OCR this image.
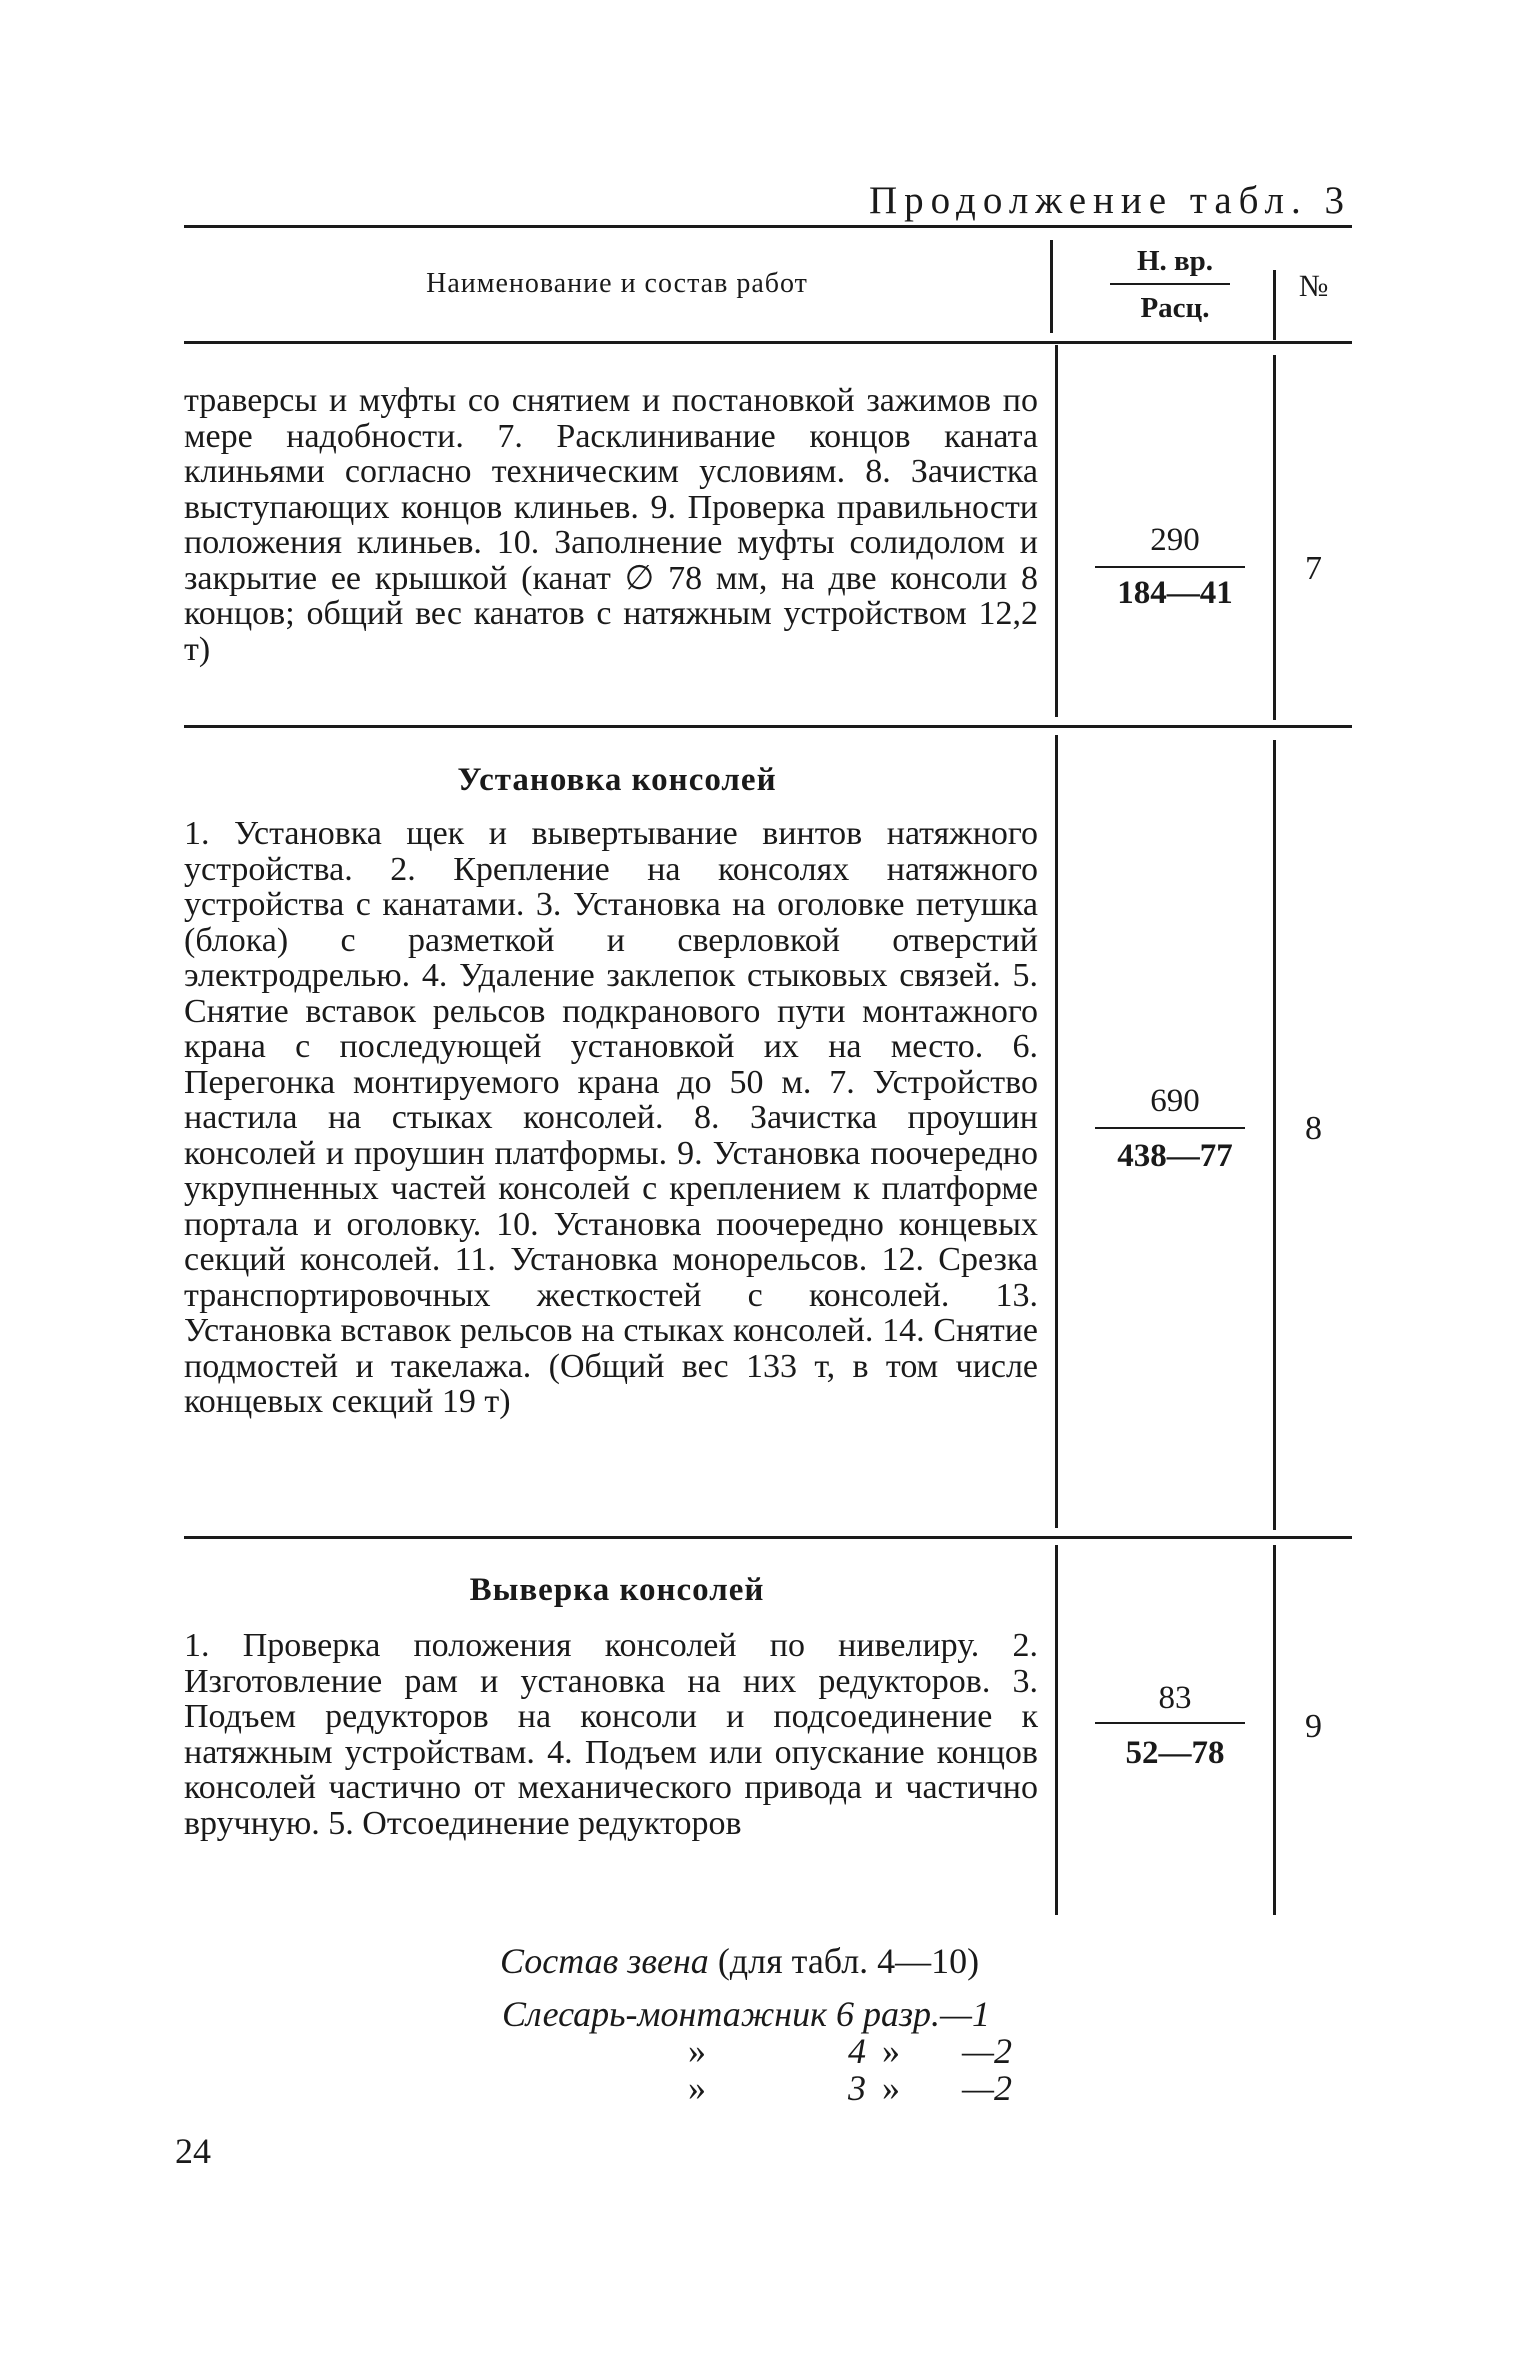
Продолжение табл. 3
Наименование и состав работ
Н. вр.
Расц.
№
траверсы и муфты со снятием и постановкой зажимов по мере надобности. 7. Расклинивание концов каната клиньями согласно техническим условиям. 8. Зачистка выступающих концов клиньев. 9. Проверка правильности положения клиньев. 10. Заполнение муфты солидолом и закрытие ее крышкой (канат ∅ 78 мм, на две консоли 8 концов; общий вес канатов с натяжным устройством 12,2 т)
290
184—41
7
Установка консолей
1. Установка щек и вывертывание винтов натяжного устройства. 2. Крепление на консолях натяжного устройства с канатами. 3. Установка на оголовке петушка (блока) с разметкой и сверловкой отверстий электродрелью. 4. Удаление заклепок стыковых связей. 5. Снятие вставок рельсов подкранового пути монтажного крана с последующей установкой их на место. 6. Перегонка монтируемого крана до 50 м. 7. Устройство настила на стыках консолей. 8. Зачистка проушин консолей и проушин платформы. 9. Установка поочередно укрупненных частей консолей с креплением к платформе портала и оголовку. 10. Установка поочередно концевых секций консолей. 11. Установка монорельсов. 12. Срезка транспортировочных жесткостей с консолей. 13. Установка вставок рельсов на стыках консолей. 14. Снятие подмостей и такелажа. (Общий вес 133 т, в том числе концевых секций 19 т)
690
438—77
8
Выверка консолей
1. Проверка положения консолей по нивелиру. 2. Изготовление рам и установка на них редукторов. 3. Подъем редукторов на консоли и подсоединение к натяжным устройствам. 4. Подъем или опускание концов консолей частично от механического привода и частично вручную. 5. Отсоединение редукторов
83
52—78
9
Состав звена (для табл. 4—10)
Слесарь-монтажник 6 разр.—1
»	4 » —2
»	3 » —2
24
